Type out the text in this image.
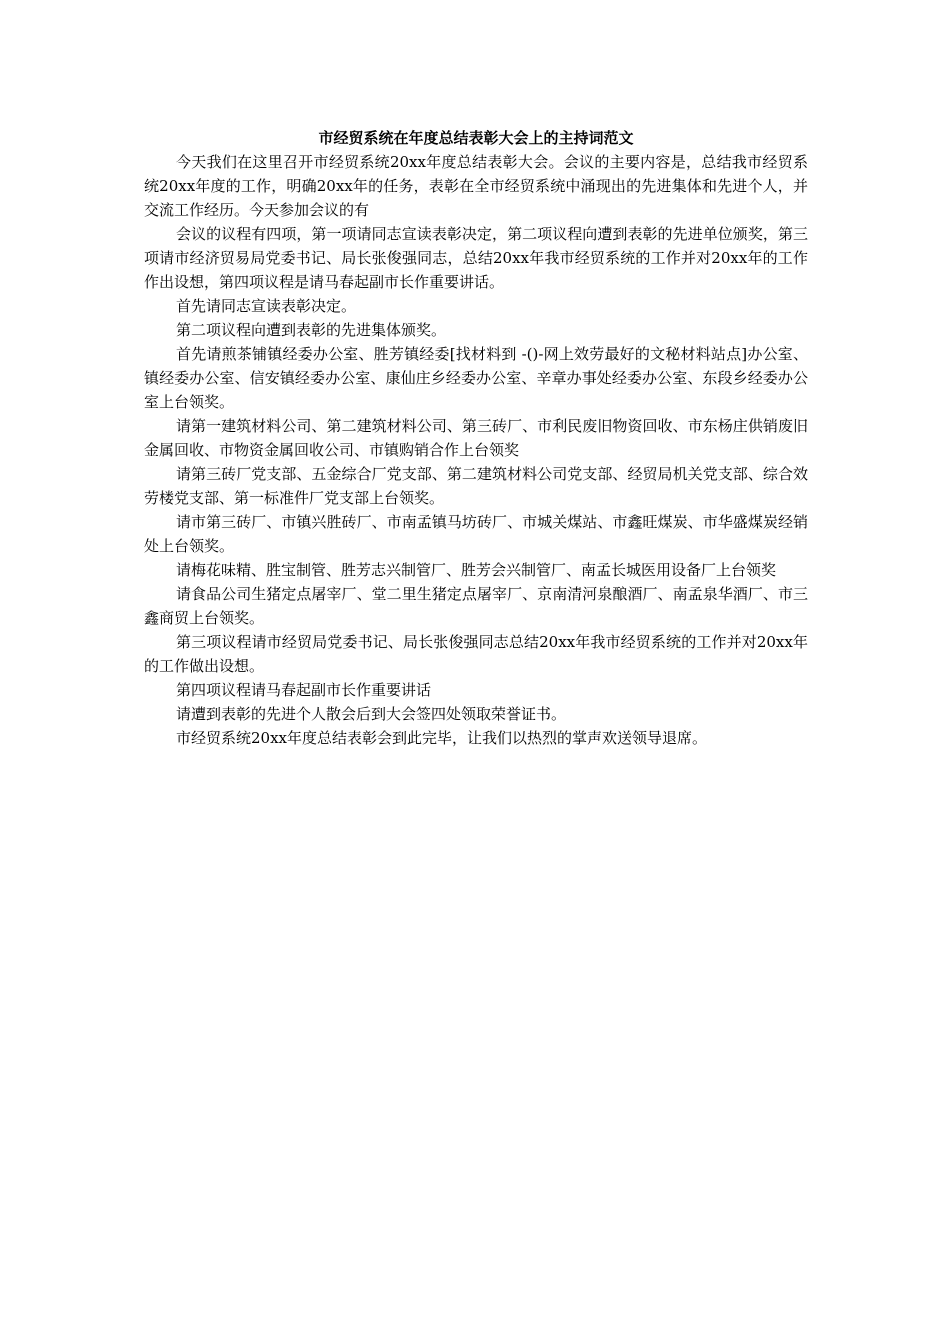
市经贸系统在年度总结表彰大会上的主持词范文

今天我们在这里召开市经贸系统20xx年度总结表彰大会。会议的主要内容是，总结我市经贸系统20xx年度的工作，明确20xx年的任务，表彰在全市经贸系统中涌现出的先进集体和先进个人，并交流工作经历。今天参加会议的有

会议的议程有四项，第一项请同志宣读表彰决定，第二项议程向遭到表彰的先进单位颁奖，第三项请市经济贸易局党委书记、局长张俊强同志，总结20xx年我市经贸系统的工作并对20xx年的工作作出设想，第四项议程是请马春起副市长作重要讲话。

首先请同志宣读表彰决定。

第二项议程向遭到表彰的先进集体颁奖。

首先请煎茶铺镇经委办公室、胜芳镇经委[找材料到 -()-网上效劳最好的文秘材料站点]办公室、镇经委办公室、信安镇经委办公室、康仙庄乡经委办公室、辛章办事处经委办公室、东段乡经委办公室上台领奖。

请第一建筑材料公司、第二建筑材料公司、第三砖厂、市利民废旧物资回收、市东杨庄供销废旧金属回收、市物资金属回收公司、市镇购销合作上台领奖

请第三砖厂党支部、五金综合厂党支部、第二建筑材料公司党支部、经贸局机关党支部、综合效劳楼党支部、第一标准件厂党支部上台领奖。

请市第三砖厂、市镇兴胜砖厂、市南孟镇马坊砖厂、市城关煤站、市鑫旺煤炭、市华盛煤炭经销处上台领奖。

请梅花味精、胜宝制管、胜芳志兴制管厂、胜芳会兴制管厂、南孟长城医用设备厂上台领奖

请食品公司生猪定点屠宰厂、堂二里生猪定点屠宰厂、京南清河泉酿酒厂、南孟泉华酒厂、市三鑫商贸上台领奖。

第三项议程请市经贸局党委书记、局长张俊强同志总结20xx年我市经贸系统的工作并对20xx年的工作做出设想。

第四项议程请马春起副市长作重要讲话

请遭到表彰的先进个人散会后到大会签四处领取荣誉证书。

市经贸系统20xx年度总结表彰会到此完毕，让我们以热烈的掌声欢送领导退席。
